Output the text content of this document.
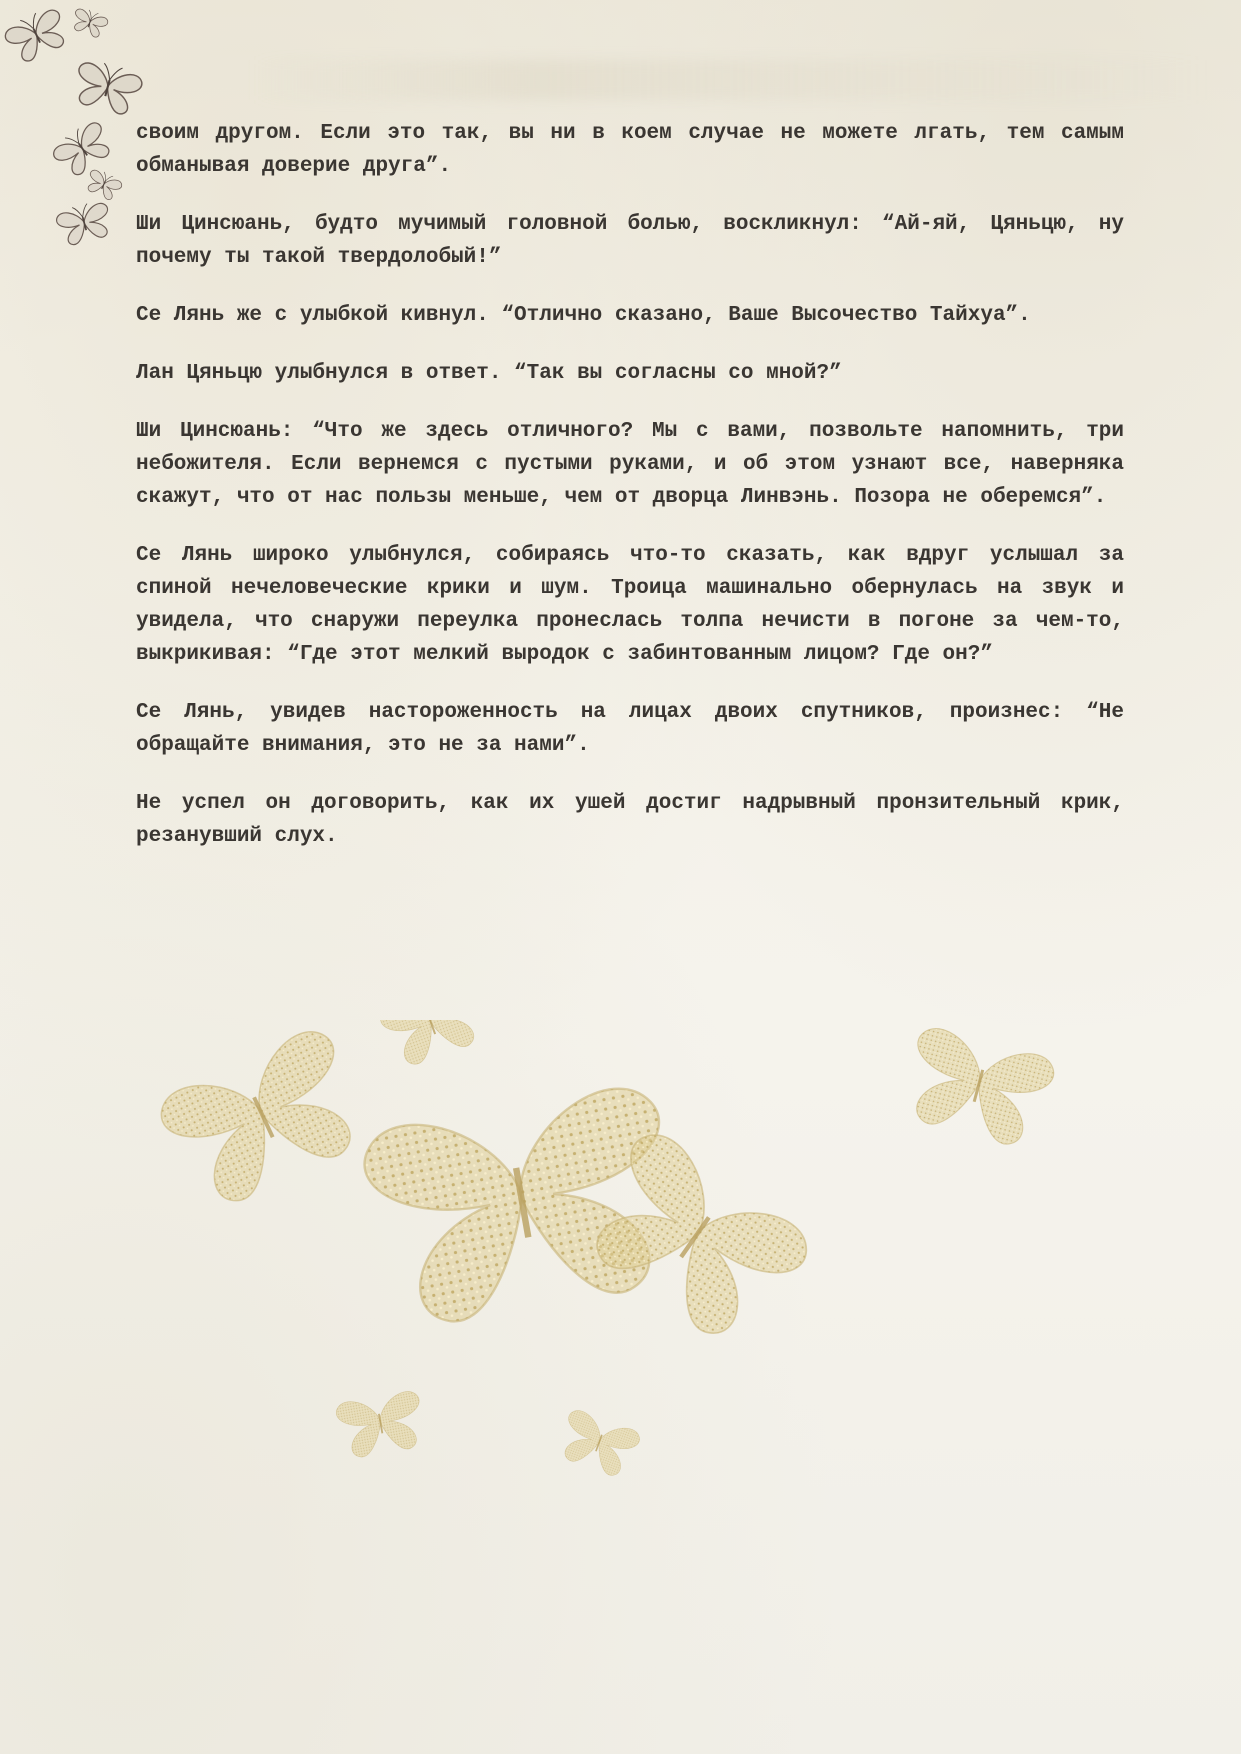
своим другом. Если это так, вы ни в коем случае не можете лгать, тем самым обманывая доверие друга”.

Ши Цинсюань, будто мучимый головной болью, воскликнул: “Ай-яй, Цяньцю, ну почему ты такой твердолобый!”

Се Лянь же с улыбкой кивнул. “Отлично сказано, Ваше Высочество Тайхуа”.

Лан Цяньцю улыбнулся в ответ. “Так вы согласны со мной?”

Ши Цинсюань: “Что же здесь отличного? Мы с вами, позвольте напомнить, три небожителя. Если вернемся с пустыми руками, и об этом узнают все, наверняка скажут, что от нас пользы меньше, чем от дворца Линвэнь. Позора не оберемся”.

Се Лянь широко улыбнулся, собираясь что-то сказать, как вдруг услышал за спиной нечеловеческие крики и шум. Троица машинально обернулась на звук и увидела, что снаружи переулка пронеслась толпа нечисти в погоне за чем-то, выкрикивая: “Где этот мелкий выродок с забинтованным лицом? Где он?”

Се Лянь, увидев настороженность на лицах двоих спутников, произнес: “Не обращайте внимания, это не за нами”.

Не успел он договорить, как их ушей достиг надрывный пронзительный крик, резанувший слух.
